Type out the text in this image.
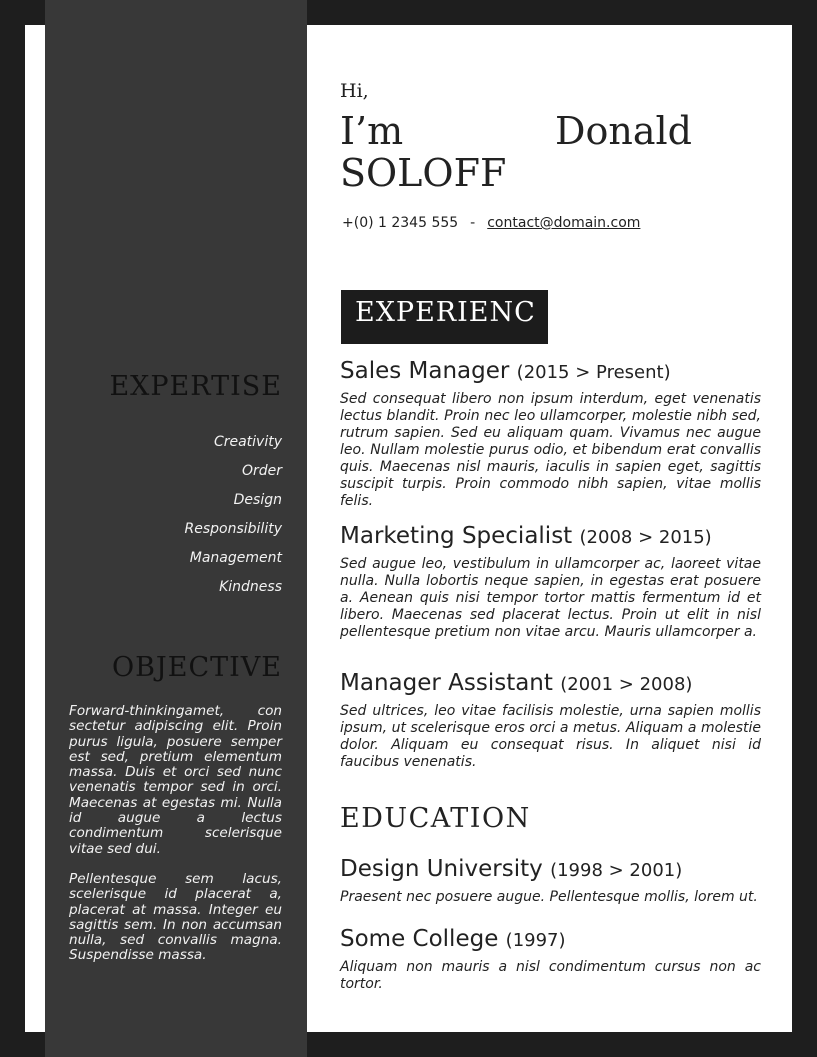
EXPERTISE
Creativity
Order
Design
Responsibility
Management
Kindness
OBJECTIVE

Forward-thinkingamet, con sectetur adipiscing elit. Proin purus ligula, posuere semper est sed, pretium elementum massa. Duis et orci sed nunc venenatis tempor sed in orci. Maecenas at egestas mi. Nulla id augue a lectus condimentum scelerisque vitae sed dui.

Pellentesque sem lacus, scelerisque id placerat a, placerat at massa. Integer eu sagittis sem. In non accumsan nulla, sed convallis magna. Suspendisse massa.

Hi,
I’m Donald SOLOFF
+(0) 1 2345 555 - contact@domain.com
EXPERIENC
Sales Manager (2015 > Present)
Sed consequat libero non ipsum interdum, eget venenatis lectus blandit. Proin nec leo ullamcorper, molestie nibh sed, rutrum sapien. Sed eu aliquam quam. Vivamus nec augue leo. Nullam molestie purus odio, et bibendum erat convallis quis. Maecenas nisl mauris, iaculis in sapien eget, sagittis suscipit turpis. Proin commodo nibh sapien, vitae mollis felis.
Marketing Specialist (2008 > 2015)
Sed augue leo, vestibulum in ullamcorper ac, laoreet vitae nulla. Nulla lobortis neque sapien, in egestas erat posuere a. Aenean quis nisi tempor tortor mattis fermentum id et libero. Maecenas sed placerat lectus. Proin ut elit in nisl pellentesque pretium non vitae arcu. Mauris ullamcorper a.
Manager Assistant (2001 > 2008)
Sed ultrices, leo vitae facilisis molestie, urna sapien mollis ipsum, ut scelerisque eros orci a metus. Aliquam a molestie dolor. Aliquam eu consequat risus. In aliquet nisi id faucibus venenatis.
EDUCATION
Design University (1998 > 2001)
Praesent nec posuere augue. Pellentesque mollis, lorem ut.
Some College (1997)
Aliquam non mauris a nisl condimentum cursus non ac tortor.
